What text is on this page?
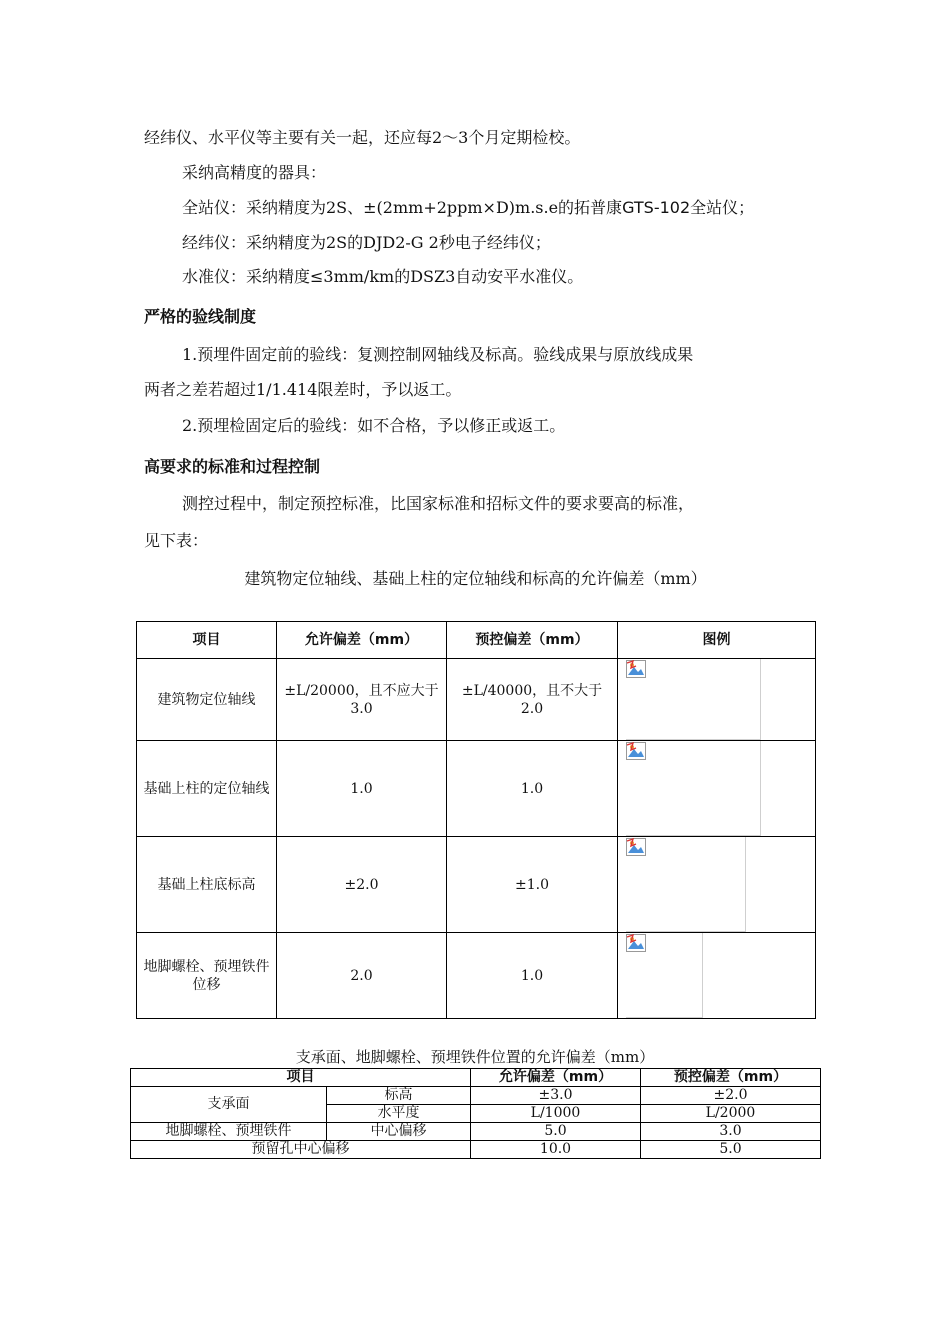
经纬仪、水平仪等主要有关一起，还应每2～3个月定期检校。
采纳高精度的器具：
全站仪：采纳精度为2S、±(2mm+2ppm×D)m.s.e的拓普康GTS-102全站仪；
经纬仪：采纳精度为2S的DJD2-G 2秒电子经纬仪；
水准仪：采纳精度≤3mm/km的DSZ3自动安平水准仪。
严格的验线制度
1.预埋件固定前的验线：复测控制网轴线及标高。验线成果与原放线成果
两者之差若超过1/1.414限差时，予以返工。
2.预埋检固定后的验线：如不合格，予以修正或返工。
高要求的标准和过程控制
测控过程中，制定预控标准，比国家标准和招标文件的要求要高的标准，
见下表：
建筑物定位轴线、基础上柱的定位轴线和标高的允许偏差（mm）
项目	允许偏差（mm）	预控偏差（mm）	图例
建筑物定位轴线	±L/20000，且不应大于3.0	±L/40000，且不大于2.0	

基础上柱的定位轴线	1.0	1.0	

基础上柱底标高	±2.0	±1.0	

地脚螺栓、预埋铁件位移	2.0	1.0	
支承面、地脚螺栓、预埋铁件位置的允许偏差（mm）
项目		允许偏差（mm）	预控偏差（mm）
支承面	标高	±3.0	±2.0
	水平度	L/1000	L/2000
地脚螺栓、预埋铁件	中心偏移	5.0	3.0
预留孔中心偏移		10.0	5.0
